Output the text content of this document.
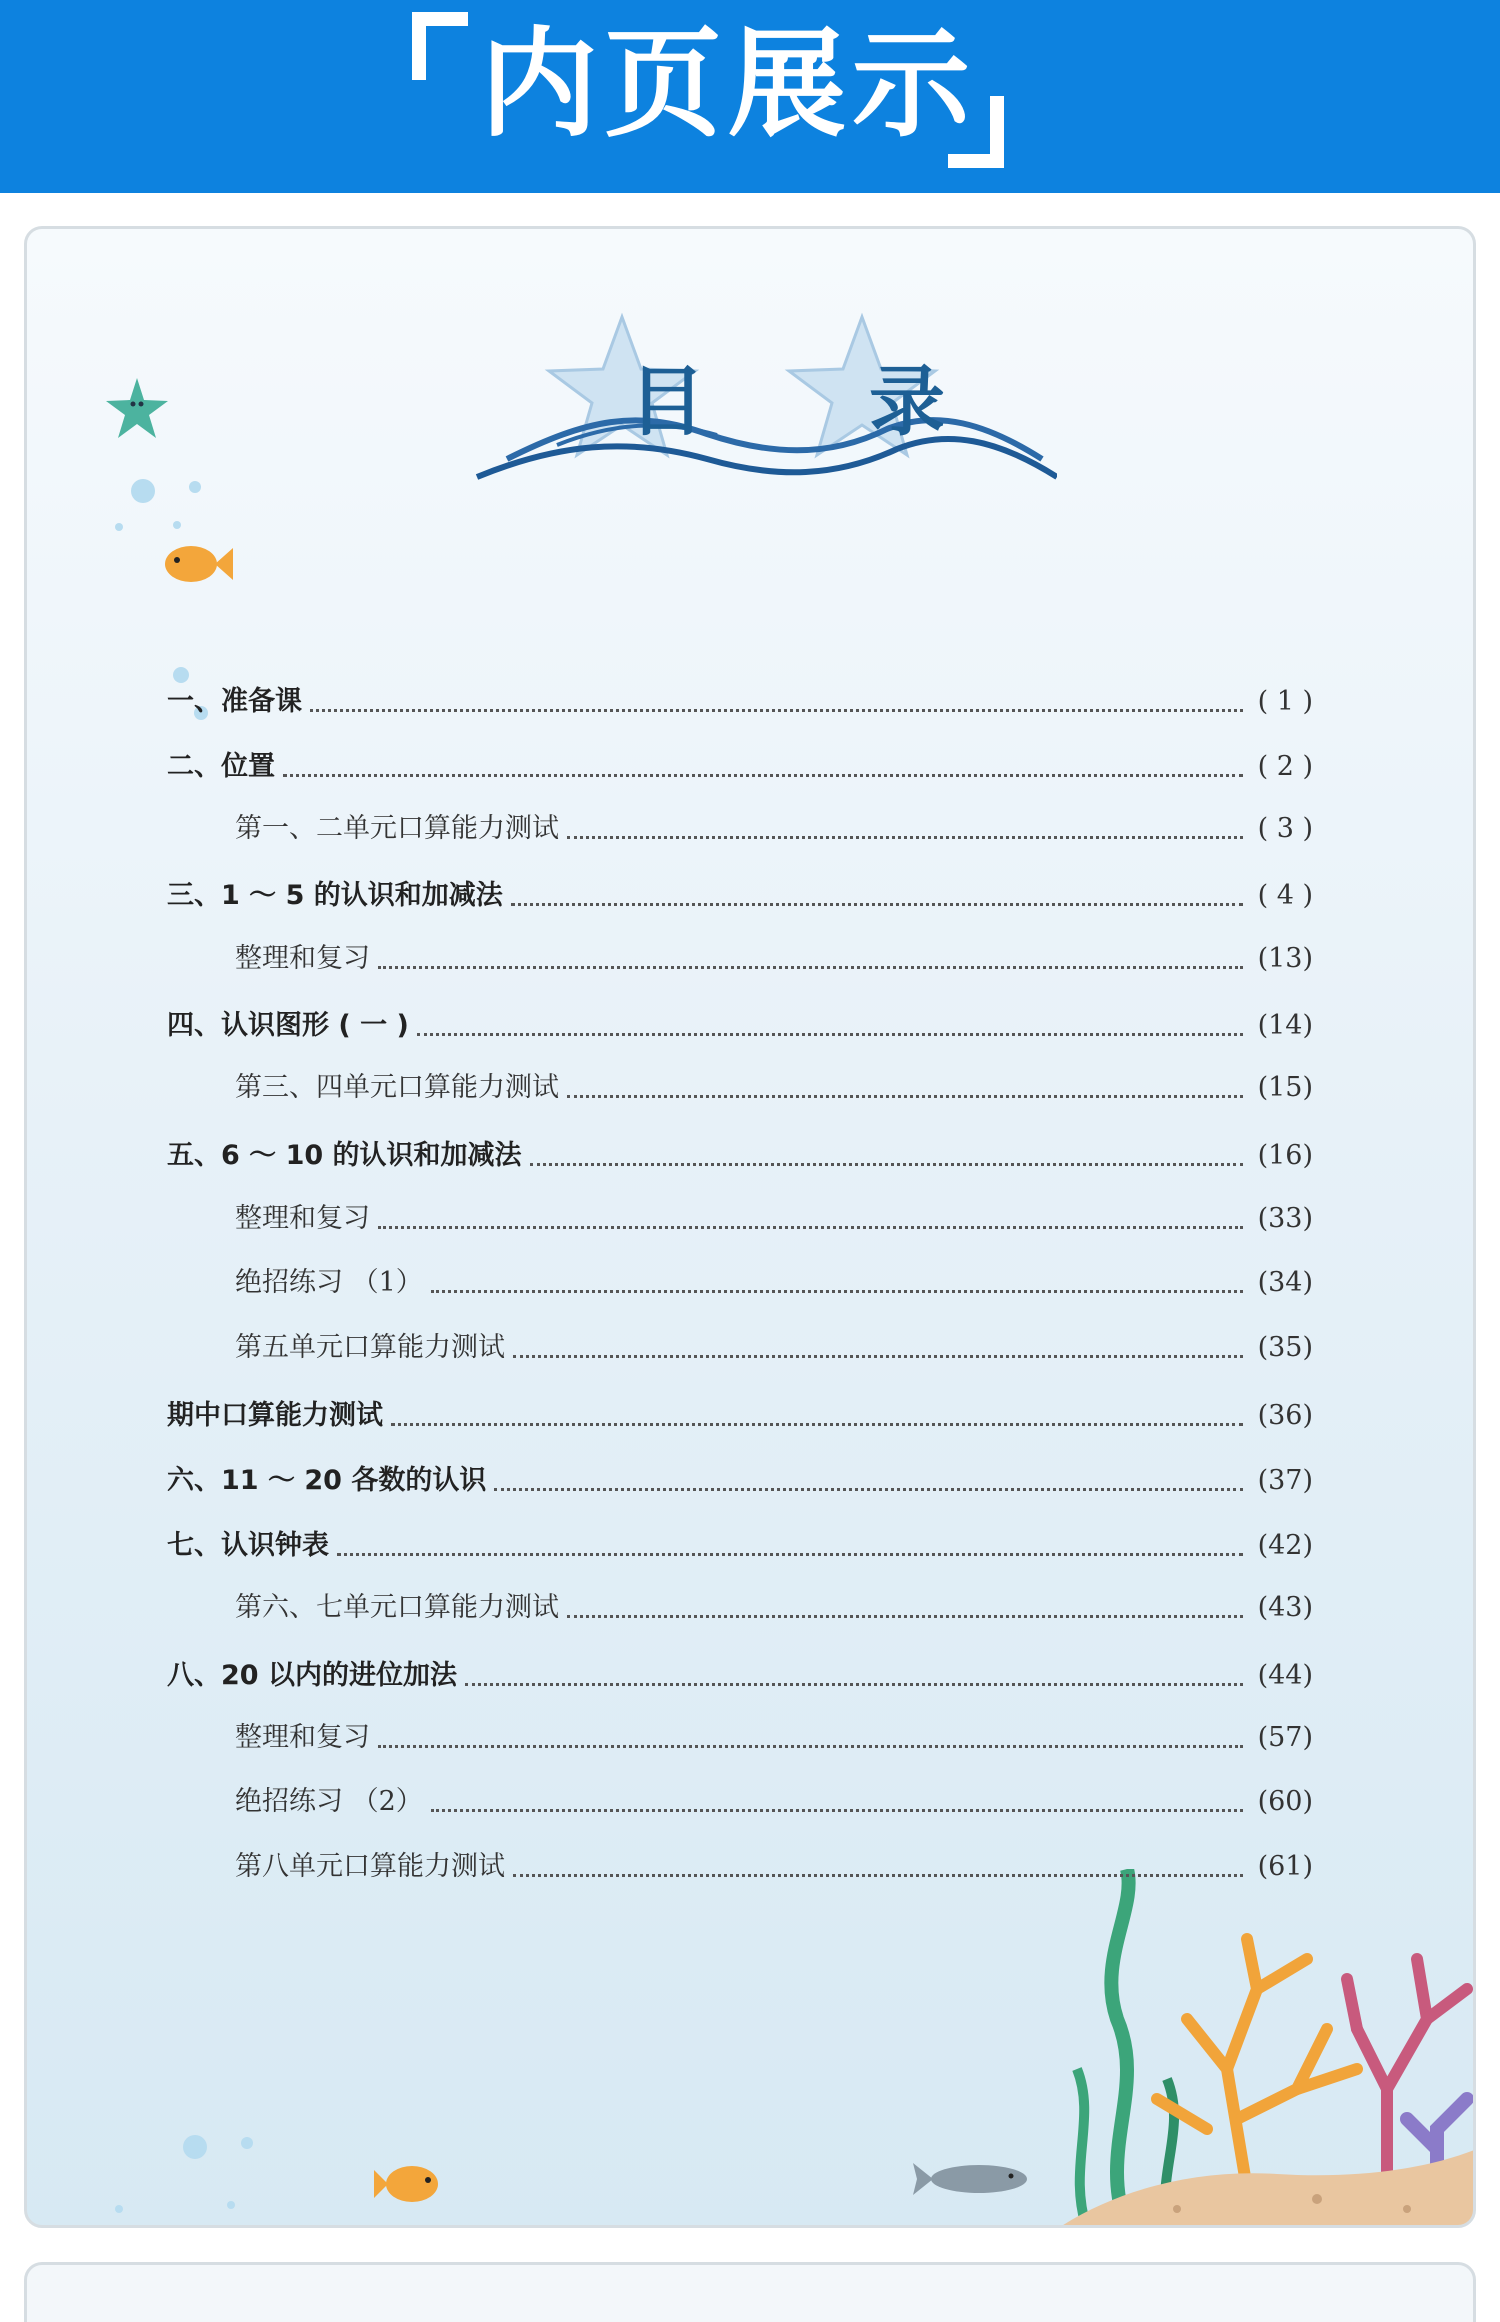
内页展示
目	录
一、准备课	( 1 )
二、位置	( 2 )
第一、二单元口算能力测试	( 3 )
三、1 ～ 5 的认识和加减法	( 4 )
整理和复习	(13)
四、认识图形 ( 一 )	(14)
第三、四单元口算能力测试	(15)
五、6 ～ 10 的认识和加减法	(16)
整理和复习	(33)
绝招练习 （1）	(34)
第五单元口算能力测试	(35)
期中口算能力测试	(36)
六、11 ～ 20 各数的认识	(37)
七、认识钟表	(42)
第六、七单元口算能力测试	(43)
八、20 以内的进位加法	(44)
整理和复习	(57)
绝招练习 （2）	(60)
第八单元口算能力测试	(61)
